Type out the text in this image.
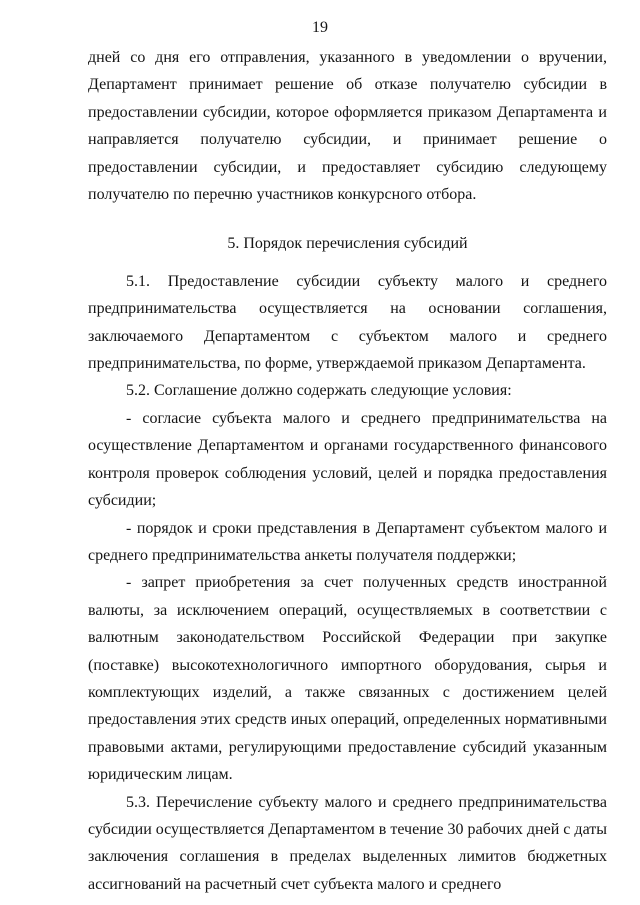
19

дней со дня его отправления, указанного в уведомлении о вручении, Департамент принимает решение об отказе получателю субсидии в предоставлении субсидии, которое оформляется приказом Департамента и направляется получателю субсидии, и принимает решение о предоставлении субсидии, и предоставляет субсидию следующему получателю по перечню участников конкурсного отбора.

5. Порядок перечисления субсидий

5.1. Предоставление субсидии субъекту малого и среднего предпринимательства осуществляется на основании соглашения, заключаемого Департаментом с субъектом малого и среднего предпринимательства, по форме, утверждаемой приказом Департамента.

5.2. Соглашение должно содержать следующие условия:

- согласие субъекта малого и среднего предпринимательства на осуществление Департаментом и органами государственного финансового контроля проверок соблюдения условий, целей и порядка предоставления субсидии;

- порядок и сроки представления в Департамент субъектом малого и среднего предпринимательства анкеты получателя поддержки;

- запрет приобретения за счет полученных средств иностранной валюты, за исключением операций, осуществляемых в соответствии с валютным законодательством Российской Федерации при закупке (поставке) высокотехнологичного импортного оборудования, сырья и комплектующих изделий, а также связанных с достижением целей предоставления этих средств иных операций, определенных нормативными правовыми актами, регулирующими предоставление субсидий указанным юридическим лицам.

5.3. Перечисление субъекту малого и среднего предпринимательства субсидии осуществляется Департаментом в течение 30 рабочих дней с даты заключения соглашения в пределах выделенных лимитов бюджетных ассигнований на расчетный счет субъекта малого и среднего
